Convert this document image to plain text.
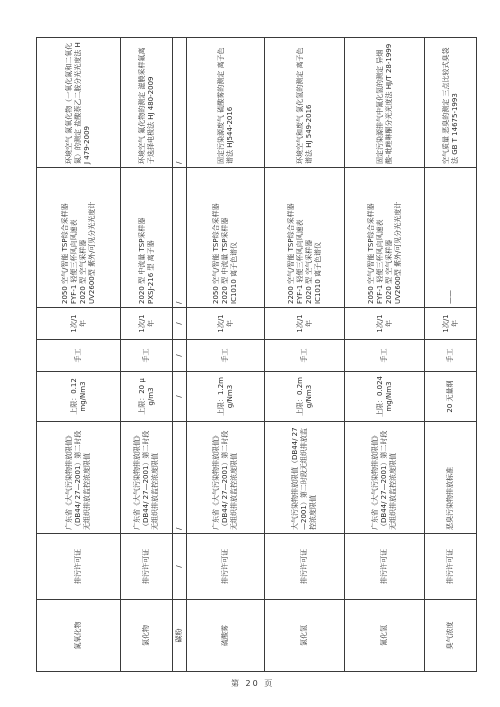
氮氧化物	排污许可证	广东省《大气污染物排放限值》（DB44/ 27—2001）第二时段无组织排放监控浓度限值	上限：0.12mg/Nm3	手工	1次/1年	2050 空气/智能 TSP综合采样器
FYF-1 轻便三杯风向风速表
2020 型 空气采样器
UV2600型 紫外/可见分光光度计	环境空气 氮氧化物（一氧化氮和二氧化氮）的测定 盐酸萘乙二胺分光光度法 HJ 479-2009
氯化物	排污许可证	广东省《大气污染物排放限值》（DB44/ 27—2001）第二时段无组织排放监控浓度限值	上限：20 μg/m3	手工	1次/1年	2020 型 中流量 TSP采样器
PXSJ-216 型 离子器	环境空气 氟化物的测定 滤膜采样氟离子选择电极法 HJ 480-2009
碳粉	/	/	/	/	/	/	/
硫酸雾	排污许可证	广东省《大气污染物排放限值》（DB44/ 27—2001）第二时段无组织排放监控浓度限值	上限：1.2mg/Nm3	手工	1次/1年	2050 空气/智能 TSP综合采样器
2020 型 中流量 TSP采样器
IC1010 离子色谱仪	固定污染源废气 硫酸雾的测定 离子色谱法 HJ544-2016
氯化氢	排污许可证	大气污染物排放限值（DB44/ 27—2001）第二时段无组织排放监控浓度限值	上限：0.2mg/Nm3	手工	1次/1年	2200 空气/智能 TSP综合采样器
FYF-1 轻便三杯风向风速表
2020 型 空气采样器
IC1010 离子色谱仪	环境空气和废气 氯化氢的测定 离子色谱法 HJ 549-2016
氰化氢	排污许可证	广东省《大气污染物排放限值》（DB44/ 27—2001）第二时段无组织排放监控浓度限值	上限：0.024mg/Nm3	手工	1次/1年	2050 空气/智能 TSP综合采样器
FYF-1 轻便三杯风向风速表
2020 型 空气采样器
UV2600型 紫外/可见分光光度计	固定污染源排气中氰化氢的测定 异烟酸-吡唑啉酮分光光度法 HJ/T 28-1999
臭气浓度	排污许可证	恶臭污染物排放标准	20 无量纲	手工	1次/1年	——	空气质量 恶臭的测定 三点比较式臭袋法 GB T 14675-1993
第 20 页
